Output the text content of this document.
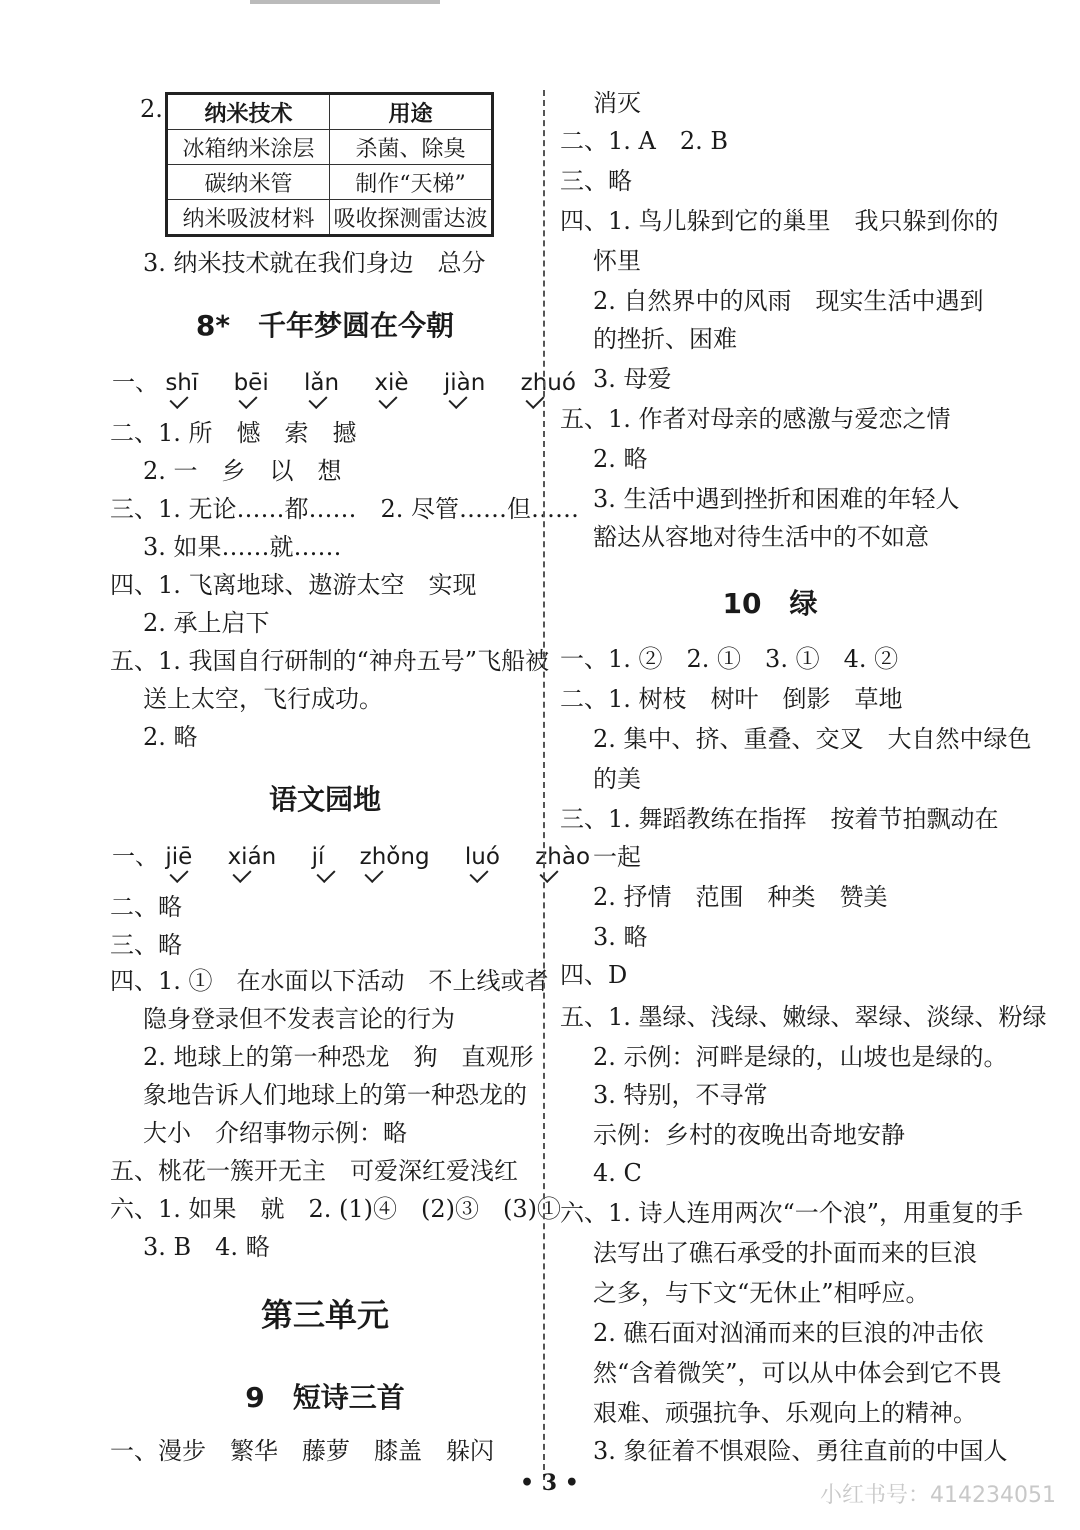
2. 纳米技术	用途
冰箱纳米涂层	杀菌、除臭
碳纳米管	制作“天梯”
纳米吸波材料	吸收探测雷达波
3. 纳米技术就在我们身边　总分
8*　千年梦圆在今朝
一、 shī bēi lǎn xiè jiàn zhuó
二、1. 所　憾　索　撼
2. 一　乡　以　想
三、1. 无论……都……　2. 尽管……但……
3. 如果……就……
四、1. 飞离地球、遨游太空　实现
2. 承上启下
五、1. 我国自行研制的“神舟五号”飞船被
送上太空，飞行成功。
2. 略
语文园地
一、 jiē xián jí zhǒng luó zhào
二、略
三、略
四、1. ①　在水面以下活动　不上线或者
隐身登录但不发表言论的行为
2. 地球上的第一种恐龙　狗　直观形
象地告诉人们地球上的第一种恐龙的
大小　介绍事物示例：略
五、桃花一簇开无主　可爱深红爱浅红
六、1. 如果　就　2. (1)④　(2)③　(3)①
3. B　4. 略
第三单元
9　短诗三首
一、漫步　繁华　藤萝　膝盖　躲闪
消灭
二、1. A　2. B
三、略
四、1. 鸟儿躲到它的巢里　我只躲到你的
怀里
2. 自然界中的风雨　现实生活中遇到
的挫折、困难
3. 母爱
五、1. 作者对母亲的感激与爱恋之情
2. 略
3. 生活中遇到挫折和困难的年轻人
豁达从容地对待生活中的不如意
10　绿
一、1. ②　2. ①　3. ①　4. ②
二、1. 树枝　树叶　倒影　草地
2. 集中、挤、重叠、交叉　大自然中绿色
的美
三、1. 舞蹈教练在指挥　按着节拍飘动在
一起
2. 抒情　范围　种类　赞美
3. 略
四、D
五、1. 墨绿、浅绿、嫩绿、翠绿、淡绿、粉绿
2. 示例：河畔是绿的，山坡也是绿的。
3. 特别，不寻常
示例：乡村的夜晚出奇地安静
4. C
六、1. 诗人连用两次“一个浪”，用重复的手
法写出了礁石承受的扑面而来的巨浪
之多，与下文“无休止”相呼应。
2. 礁石面对汹涌而来的巨浪的冲击依
然“含着微笑”，可以从中体会到它不畏
艰难、顽强抗争、乐观向上的精神。
3. 象征着不惧艰险、勇往直前的中国人
• 3 •	小红书号：414234051
